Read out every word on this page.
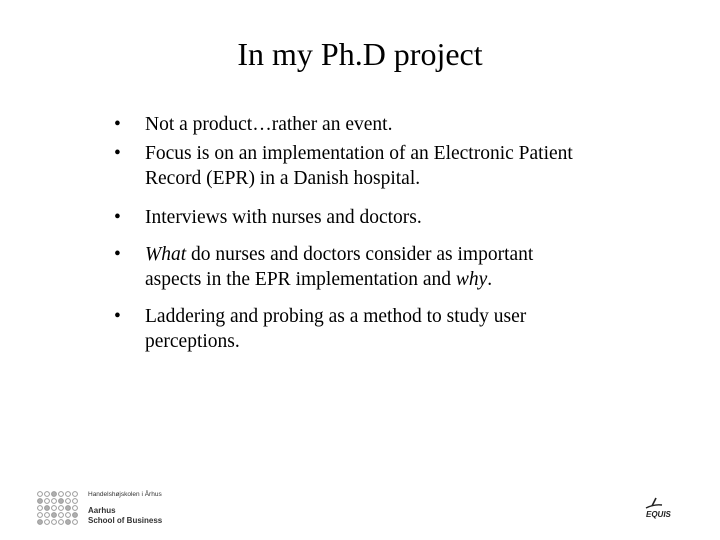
In my Ph.D project
• Not a product…rather an event.
• Focus is on an implementation of an Electronic Patient Record (EPR) in a Danish hospital.
• Interviews with nurses and doctors.
• What do nurses and doctors consider as important aspects in the EPR implementation and why.
• Laddering and probing as a method to study user perceptions.
Handelshøjskolen i Århus
Aarhus
School of Business
EQUIS
